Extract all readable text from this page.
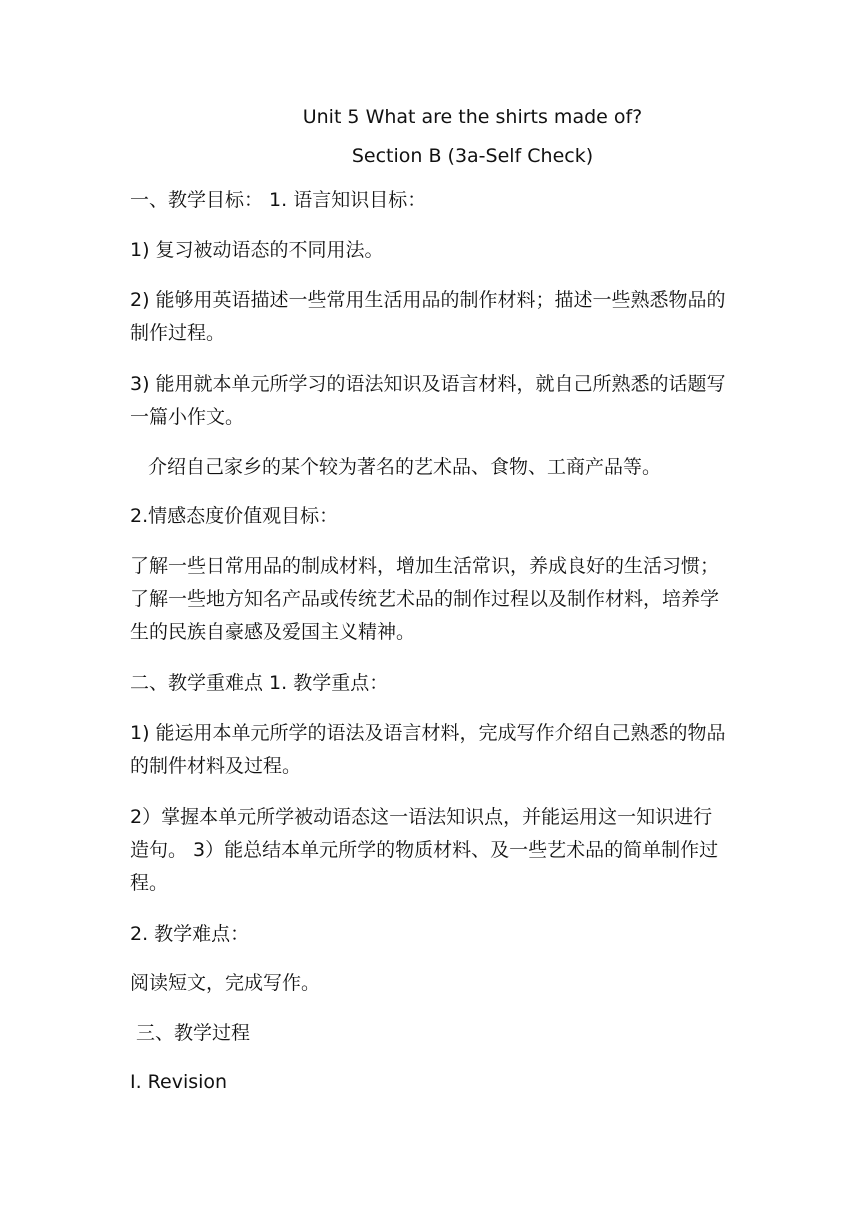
Unit 5 What are the shirts made of?
Section B (3a-Self Check)

一、教学目标： 1. 语言知识目标：

1) 复习被动语态的不同用法。

2) 能够用英语描述一些常用生活用品的制作材料；描述一些熟悉物品的制作过程。

3) 能用就本单元所学习的语法知识及语言材料，就自己所熟悉的话题写一篇小作文。

介绍自己家乡的某个较为著名的艺术品、食物、工商产品等。

2.情感态度价值观目标：

了解一些日常用品的制成材料，增加生活常识，养成良好的生活习惯；了解一些地方知名产品或传统艺术品的制作过程以及制作材料，培养学生的民族自豪感及爱国主义精神。

二、教学重难点 1. 教学重点：

1) 能运用本单元所学的语法及语言材料，完成写作介绍自己熟悉的物品的制件材料及过程。

2）掌握本单元所学被动语态这一语法知识点，并能运用这一知识进行造句。 3）能总结本单元所学的物质材料、及一些艺术品的简单制作过程。

2. 教学难点：

阅读短文，完成写作。

三、教学过程

Ⅰ. Revision
